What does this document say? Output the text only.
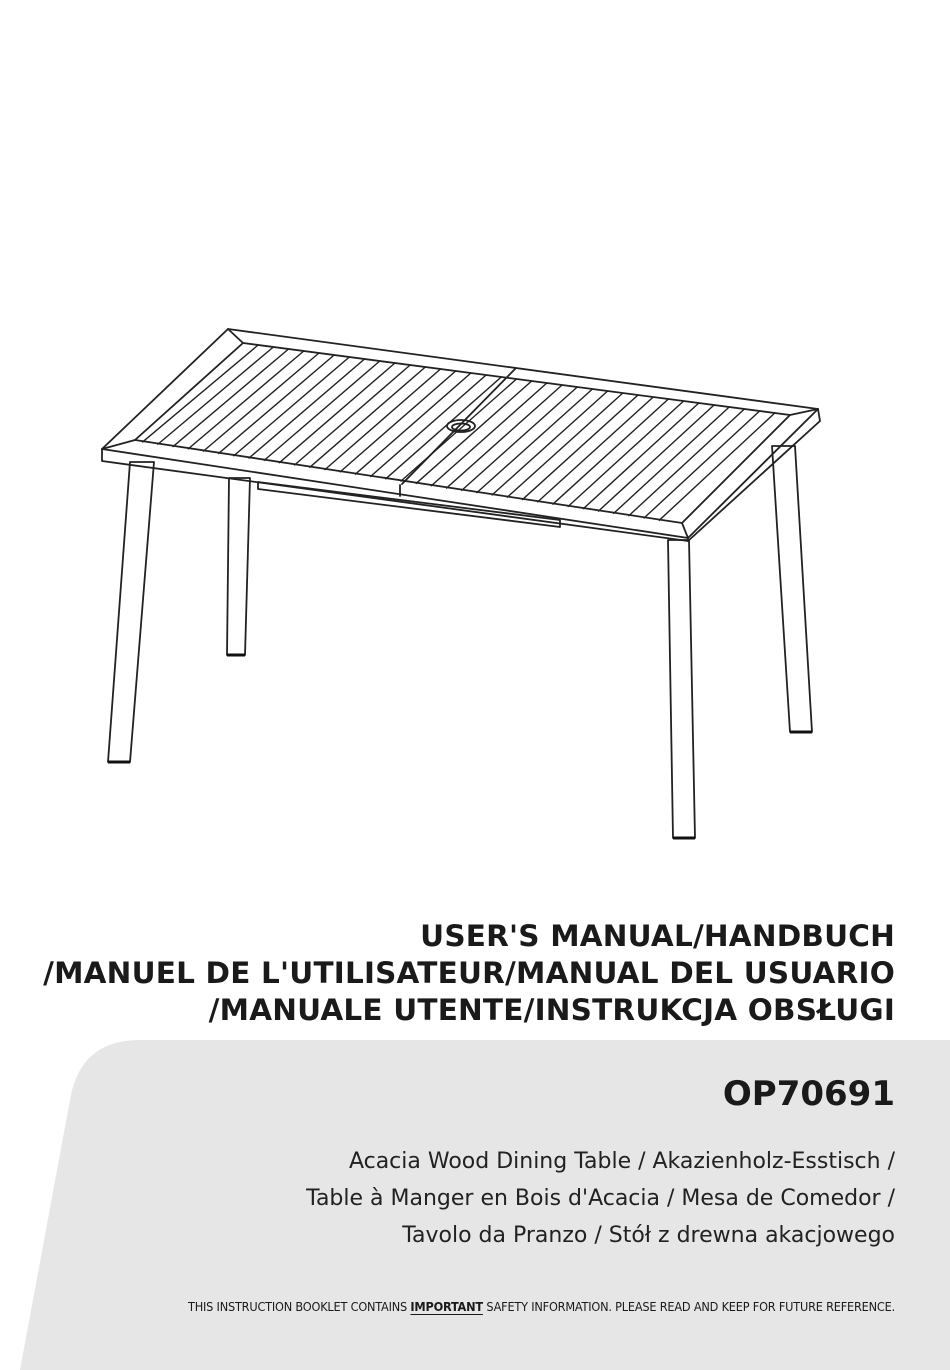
USER'S MANUAL/HANDBUCH
/MANUEL DE L'UTILISATEUR/MANUAL DEL USUARIO
/MANUALE UTENTE/INSTRUKCJA OBSŁUGI
OP70691
Acacia Wood Dining Table / Akazienholz-Esstisch /
Table à Manger en Bois d'Acacia / Mesa de Comedor /
Tavolo da Pranzo / Stół z drewna akacjowego
THIS INSTRUCTION BOOKLET CONTAINS IMPORTANT SAFETY INFORMATION. PLEASE READ AND KEEP FOR FUTURE REFERENCE.
